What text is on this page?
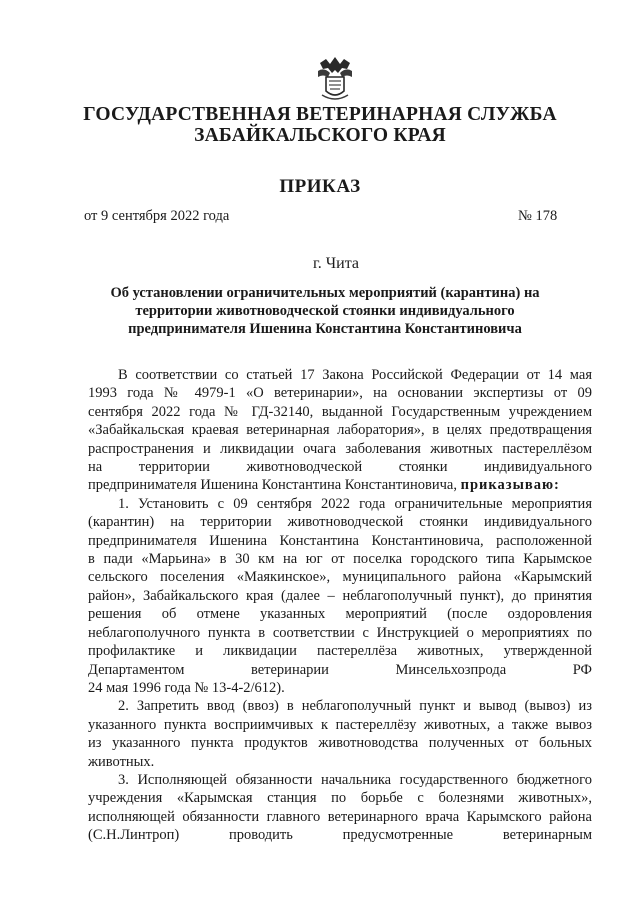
ГОСУДАРСТВЕННАЯ ВЕТЕРИНАРНАЯ СЛУЖБА
ЗАБАЙКАЛЬСКОГО КРАЯ
ПРИКАЗ
от 9 сентября 2022 года	№ 178
г. Чита
Об установлении ограничительных мероприятий (карантина) на
территории животноводческой стоянки индивидуального
предпринимателя Ишенина Константина Константиновича
В соответствии со статьей 17 Закона Российской Федерации от 14 мая
1993 года № 4979-1 «О ветеринарии», на основании экспертизы от 09
сентября 2022 года № ГД-32140, выданной Государственным учреждением
«Забайкальская краевая ветеринарная лаборатория», в целях предотвращения
распространения и ликвидации очага заболевания животных пастереллёзом
на территории животноводческой стоянки индивидуального
предпринимателя Ишенина Константина Константиновича, приказываю:
1. Установить с 09 сентября 2022 года ограничительные мероприятия
(карантин) на территории животноводческой стоянки индивидуального
предпринимателя Ишенина Константина Константиновича, расположенной
в пади «Марьина» в 30 км на юг от поселка городского типа Карымское
сельского поселения «Маякинское», муниципального района «Карымский
район», Забайкальского края (далее – неблагополучный пункт), до принятия
решения об отмене указанных мероприятий (после оздоровления
неблагополучного пункта в соответствии с Инструкцией о мероприятиях по
профилактике и ликвидации пастереллёза животных, утвержденной
Департаментом ветеринарии Минсельхозпрода РФ
24 мая 1996 года № 13-4-2/612).
2. Запретить ввод (ввоз) в неблагополучный пункт и вывод (вывоз) из
указанного пункта восприимчивых к пастереллёзу животных, а также вывоз
из указанного пункта продуктов животноводства полученных от больных
животных.
3. Исполняющей обязанности начальника государственного бюджетного
учреждения «Карымская станция по борьбе с болезнями животных»,
исполняющей обязанности главного ветеринарного врача Карымского района
(С.Н.Линтроп) проводить предусмотренные ветеринарным
